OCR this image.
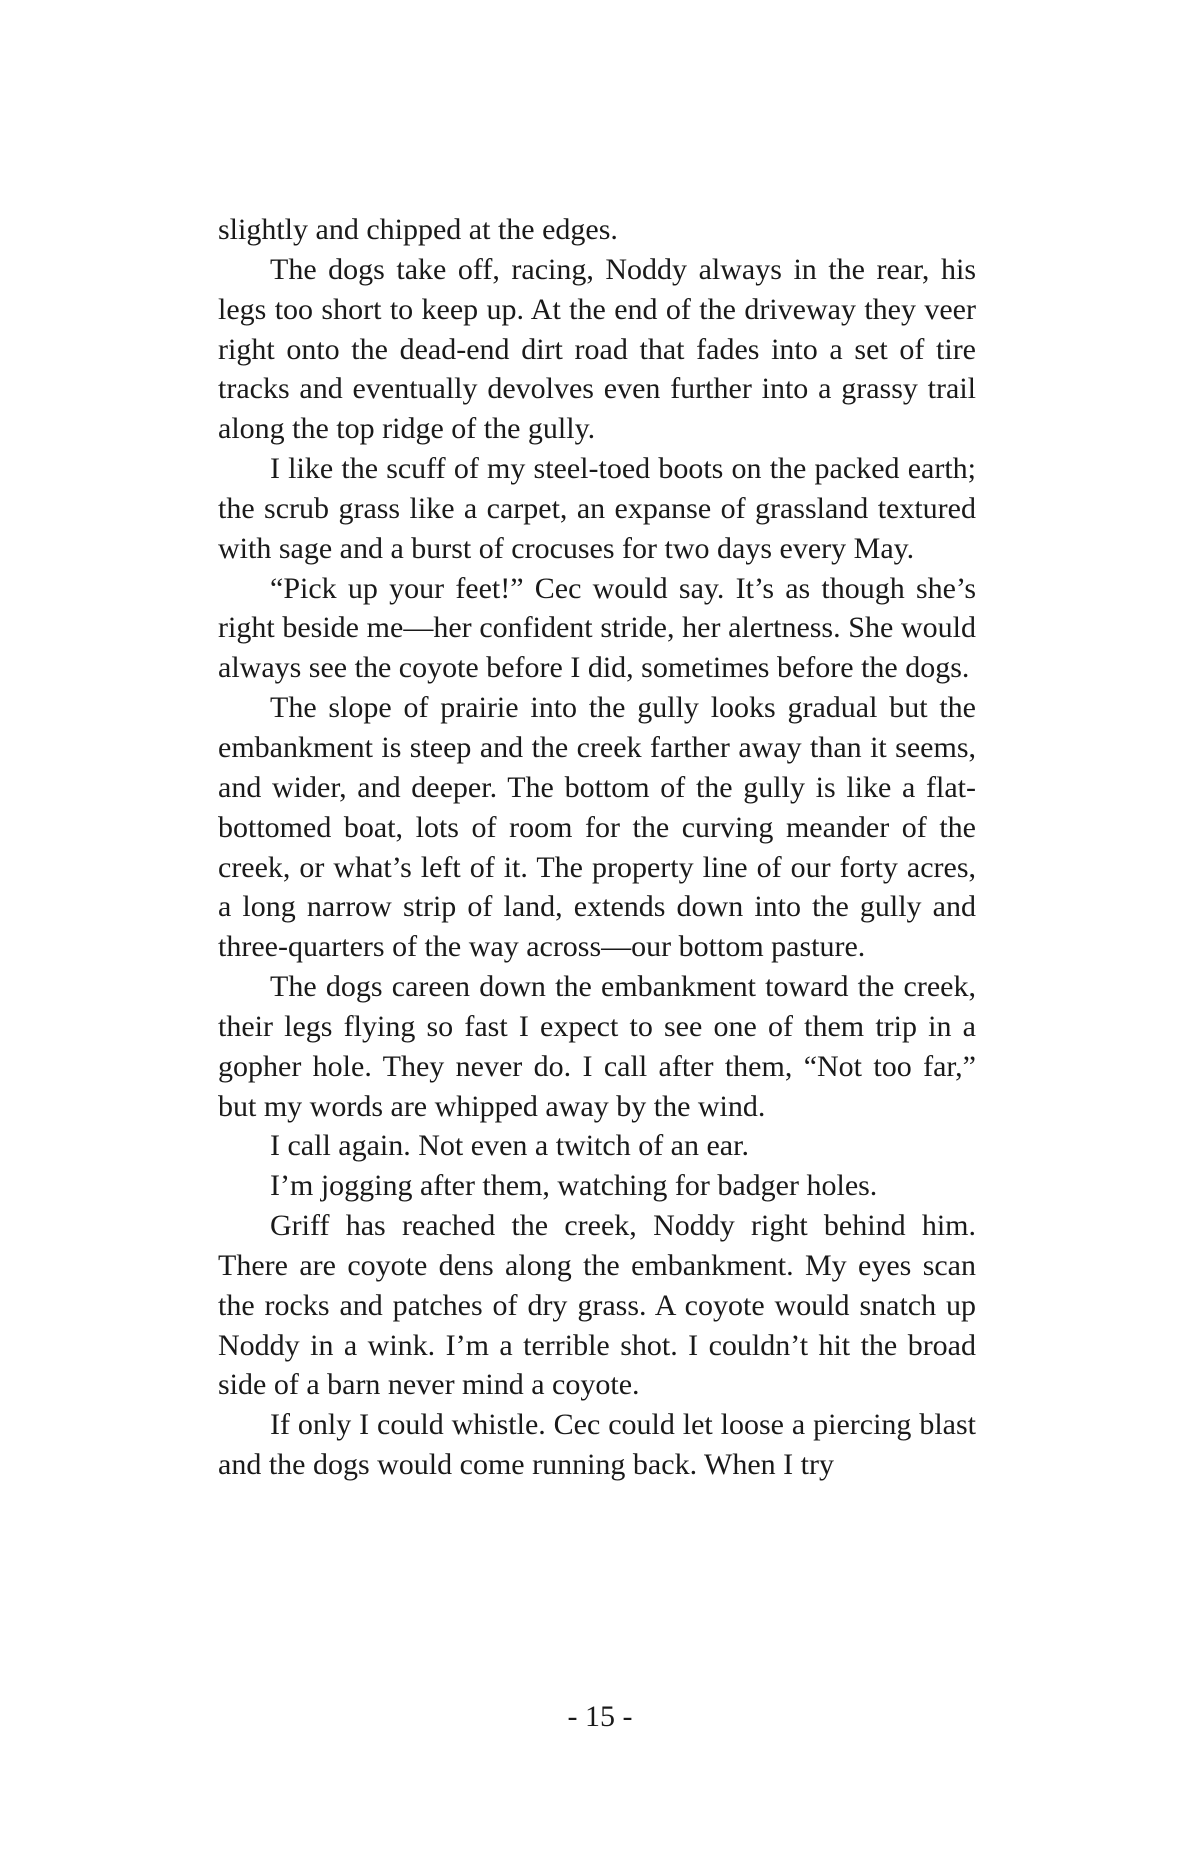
slightly and chipped at the edges.

The dogs take off, racing, Noddy always in the rear, his legs too short to keep up. At the end of the driveway they veer right onto the dead-end dirt road that fades into a set of tire tracks and eventually devolves even further into a grassy trail along the top ridge of the gully.

I like the scuff of my steel-toed boots on the packed earth; the scrub grass like a carpet, an expanse of grassland textured with sage and a burst of crocuses for two days every May.

“Pick up your feet!” Cec would say. It’s as though she’s right beside me—her confident stride, her alertness. She would always see the coyote before I did, sometimes before the dogs.

The slope of prairie into the gully looks gradual but the embankment is steep and the creek farther away than it seems, and wider, and deeper. The bottom of the gully is like a flat-bottomed boat, lots of room for the curving meander of the creek, or what’s left of it. The property line of our forty acres, a long narrow strip of land, extends down into the gully and three-quarters of the way across—our bottom pasture.

The dogs careen down the embankment toward the creek, their legs flying so fast I expect to see one of them trip in a gopher hole. They never do. I call after them, “Not too far,” but my words are whipped away by the wind.

I call again. Not even a twitch of an ear.

I’m jogging after them, watching for badger holes.

Griff has reached the creek, Noddy right behind him. There are coyote dens along the embankment. My eyes scan the rocks and patches of dry grass. A coyote would snatch up Noddy in a wink. I’m a terrible shot. I couldn’t hit the broad side of a barn never mind a coyote.

If only I could whistle. Cec could let loose a piercing blast and the dogs would come running back. When I try

- 15 -
